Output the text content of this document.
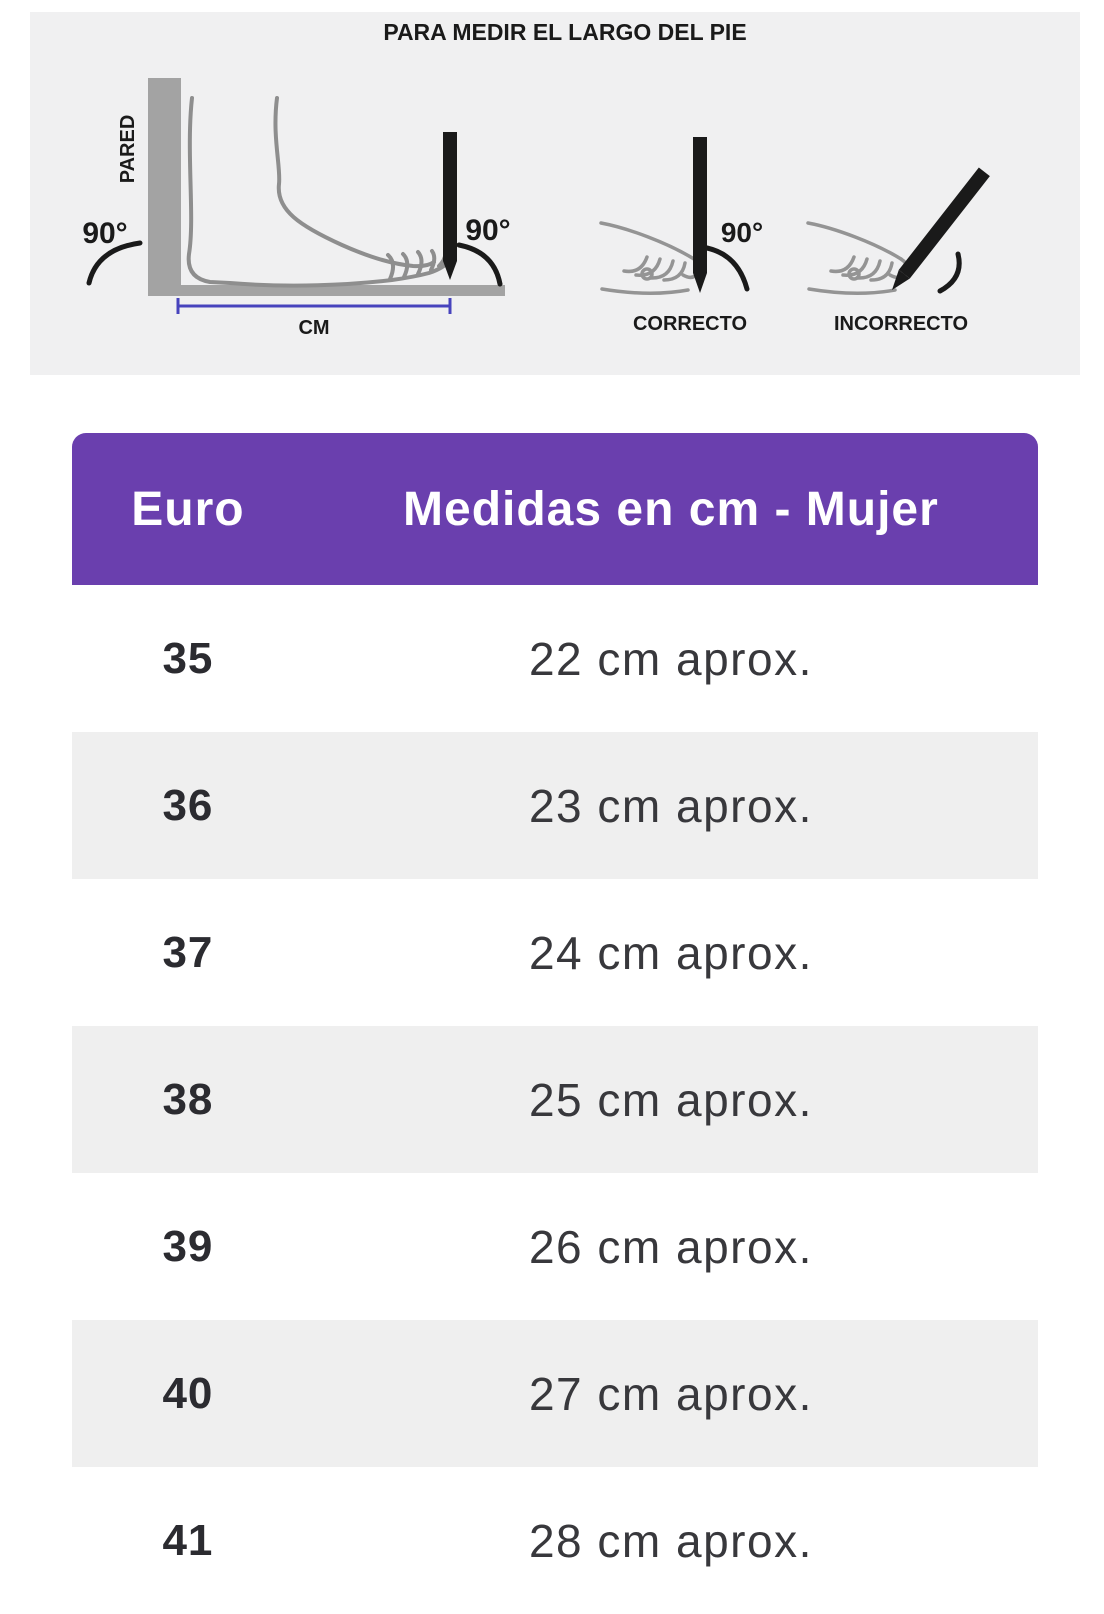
PARA MEDIR EL LARGO DEL PIE
PARED
90°	90°
CM
90°
CORRECTO	INCORRECTO
Euro	Medidas en cm - Mujer
35	22 cm aprox.
36	23 cm aprox.
37	24 cm aprox.
38	25 cm aprox.
39	26 cm aprox.
40	27 cm aprox.
41	28 cm aprox.
